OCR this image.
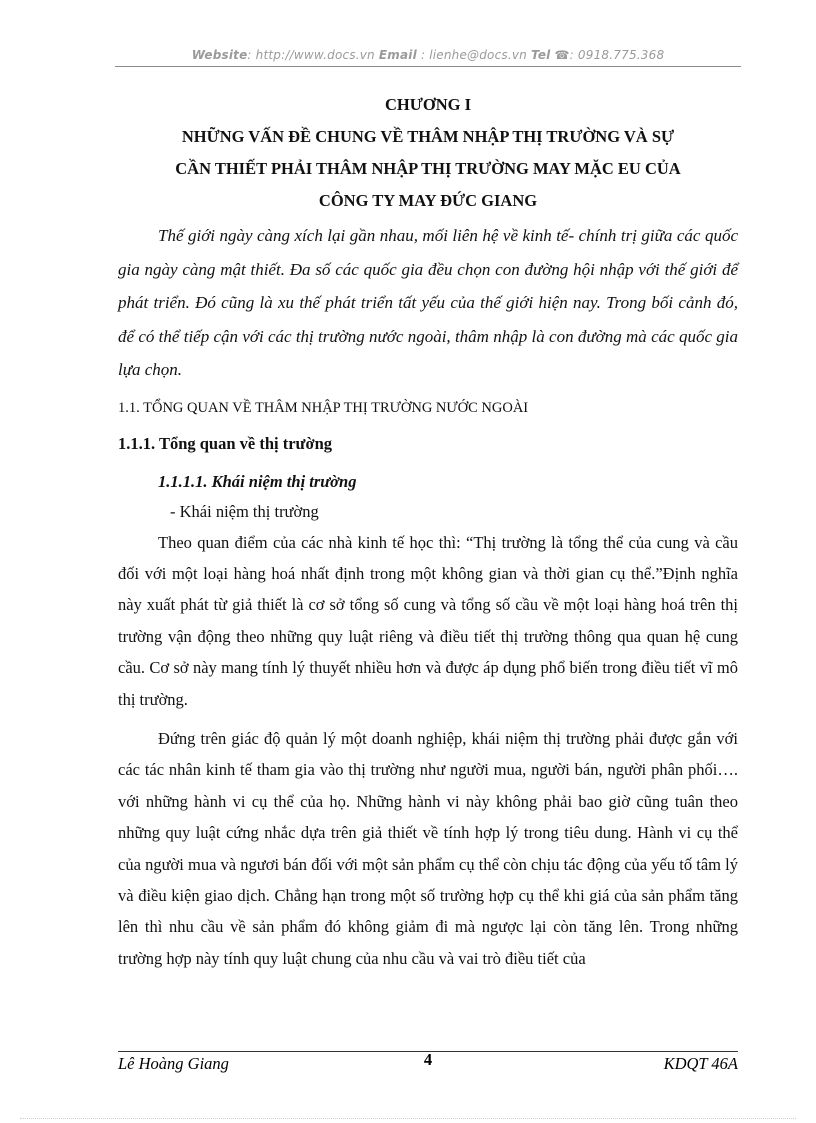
Website: http://www.docs.vn Email : lienhe@docs.vn Tel ☎: 0918.775.368
CHƯƠNG I
NHỮNG VẤN ĐỀ CHUNG VỀ THÂM NHẬP THỊ TRƯỜNG VÀ SỰ
CẦN THIẾT PHẢI THÂM NHẬP THỊ TRƯỜNG MAY MẶC EU CỦA
CÔNG TY MAY ĐỨC GIANG

Thế giới ngày càng xích lại gần nhau, mối liên hệ về kinh tế- chính trị giữa các quốc gia ngày càng mật thiết. Đa số các quốc gia đều chọn con đường hội nhập với thế giới để phát triển. Đó cũng là xu thế phát triển tất yếu của thế giới hiện nay. Trong bối cảnh đó, để có thể tiếp cận với các thị trường nước ngoài, thâm nhập là con đường mà các quốc gia lựa chọn.

1.1. TỔNG QUAN VỀ THÂM NHẬP THỊ TRƯỜNG NƯỚC NGOÀI
1.1.1. Tổng quan về thị trường
1.1.1.1. Khái niệm thị trường
- Khái niệm thị trường

Theo quan điểm của các nhà kinh tế học thì: “Thị trường là tổng thể của cung và cầu đối với một loại hàng hoá nhất định trong một không gian và thời gian cụ thể.”Định nghĩa này xuất phát từ giả thiết là cơ sở tổng số cung và tổng số cầu về một loại hàng hoá trên thị trường vận động theo những quy luật riêng và điều tiết thị trường thông qua quan hệ cung cầu. Cơ sở này mang tính lý thuyết nhiều hơn và được áp dụng phổ biến trong điều tiết vĩ mô thị trường.

Đứng trên giác độ quản lý một doanh nghiệp, khái niệm thị trường phải được gắn với các tác nhân kinh tế tham gia vào thị trường như người mua, người bán, người phân phối…. với những hành vi cụ thể của họ. Những hành vi này không phải bao giờ cũng tuân theo những quy luật cứng nhắc dựa trên giả thiết về tính hợp lý trong tiêu dung. Hành vi cụ thể của người mua và ngươi bán đối với một sản phẩm cụ thể còn chịu tác động của yếu tố tâm lý và điều kiện giao dịch. Chẳng hạn trong một số trường hợp cụ thể khi giá của sản phẩm tăng lên thì nhu cầu về sản phẩm đó không giảm đi mà ngược lại còn tăng lên. Trong những trường hợp này tính quy luật chung của nhu cầu và vai trò điều tiết của

Lê Hoàng Giang	4	KDQT 46A
